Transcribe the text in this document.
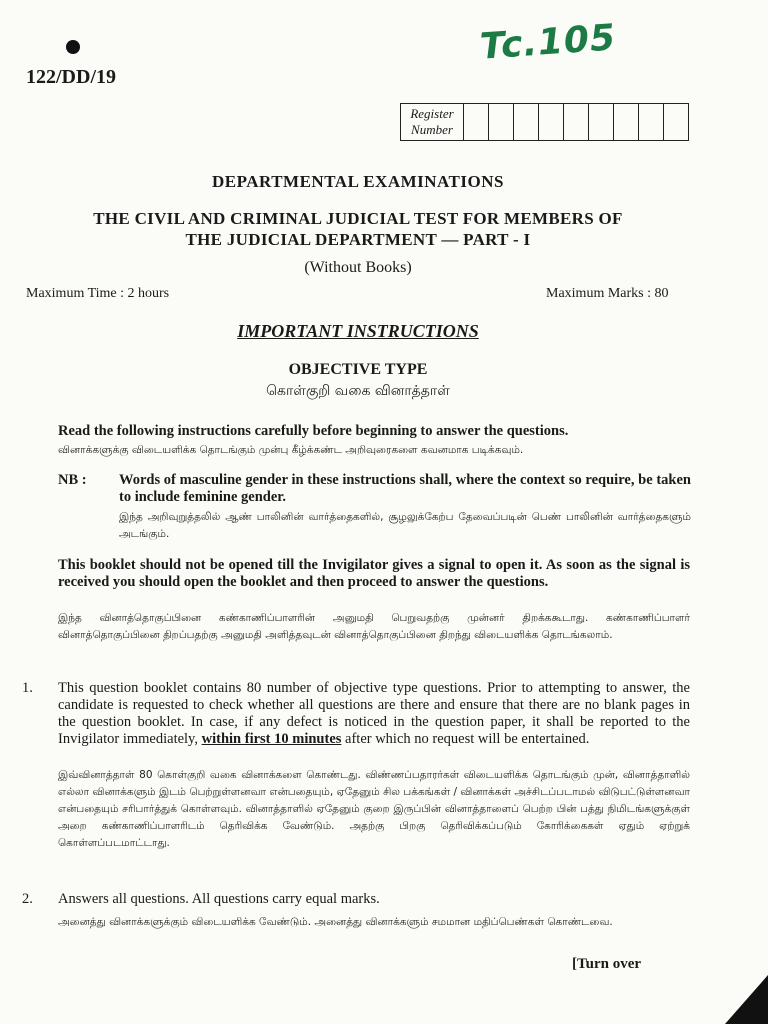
122/DD/19
Tc.105
Register
Number
DEPARTMENTAL EXAMINATIONS
THE CIVIL AND CRIMINAL JUDICIAL TEST FOR MEMBERS OF
THE JUDICIAL DEPARTMENT — PART - I
(Without Books)
Maximum Time : 2 hours	Maximum Marks : 80
IMPORTANT INSTRUCTIONS
OBJECTIVE TYPE
கொள்குறி வகை வினாத்தாள்
Read the following instructions carefully before beginning to answer the questions.
வினாக்களுக்கு விடையளிக்க தொடங்கும் முன்பு கீழ்க்கண்ட அறிவுரைகளை கவனமாக படிக்கவும்.
NB : Words of masculine gender in these instructions shall, where the context so require, be taken to include feminine gender.
இந்த அறிவுறுத்தலில் ஆண் பாலினின் வார்த்தைகளில், சூழலுக்கேற்ப தேவைப்படின் பெண் பாலினின் வார்த்தைகளும் அடங்கும்.
This booklet should not be opened till the Invigilator gives a signal to open it. As soon as the signal is received you should open the booklet and then proceed to answer the questions.
இந்த வினாத்தொகுப்பினை கண்காணிப்பாளரின் அனுமதி பெறுவதற்கு முன்னர் திறக்ககூடாது. கண்காணிப்பாளர் வினாத்தொகுப்பினை திறப்பதற்கு அனுமதி அளித்தவுடன் வினாத்தொகுப்பினை திறந்து விடையளிக்க தொடங்கலாம்.
1. This question booklet contains 80 number of objective type questions. Prior to attempting to answer, the candidate is requested to check whether all questions are there and ensure that there are no blank pages in the question booklet. In case, if any defect is noticed in the question paper, it shall be reported to the Invigilator immediately, within first 10 minutes after which no request will be entertained.
இவ்வினாத்தாள் 80 கொள்குறி வகை வினாக்களை கொண்டது. விண்ணப்பதாரர்கள் விடையளிக்க தொடங்கும் முன், வினாத்தாளில் எல்லா வினாக்களும் இடம் பெற்றுள்ளனவா என்பதையும், ஏதேனும் சில பக்கங்கள் / வினாக்கள் அச்சிடப்படாமல் விடுபட்டுள்ளனவா என்பதையும் சரிபார்த்துக் கொள்ளவும். வினாத்தாளில் ஏதேனும் குறை இருப்பின் வினாத்தாளைப் பெற்ற பின் பத்து நிமிடங்களுக்குள் அறை கண்காணிப்பாளரிடம் தெரிவிக்க வேண்டும். அதற்கு பிறகு தெரிவிக்கப்படும் கோரிக்கைகள் ஏதும் ஏற்றுக் கொள்ளப்படமாட்டாது.
2. Answers all questions. All questions carry equal marks.
அனைத்து வினாக்களுக்கும் விடையளிக்க வேண்டும். அனைத்து வினாக்களும் சமமான மதிப்பெண்கள் கொண்டவை.
[Turn over
